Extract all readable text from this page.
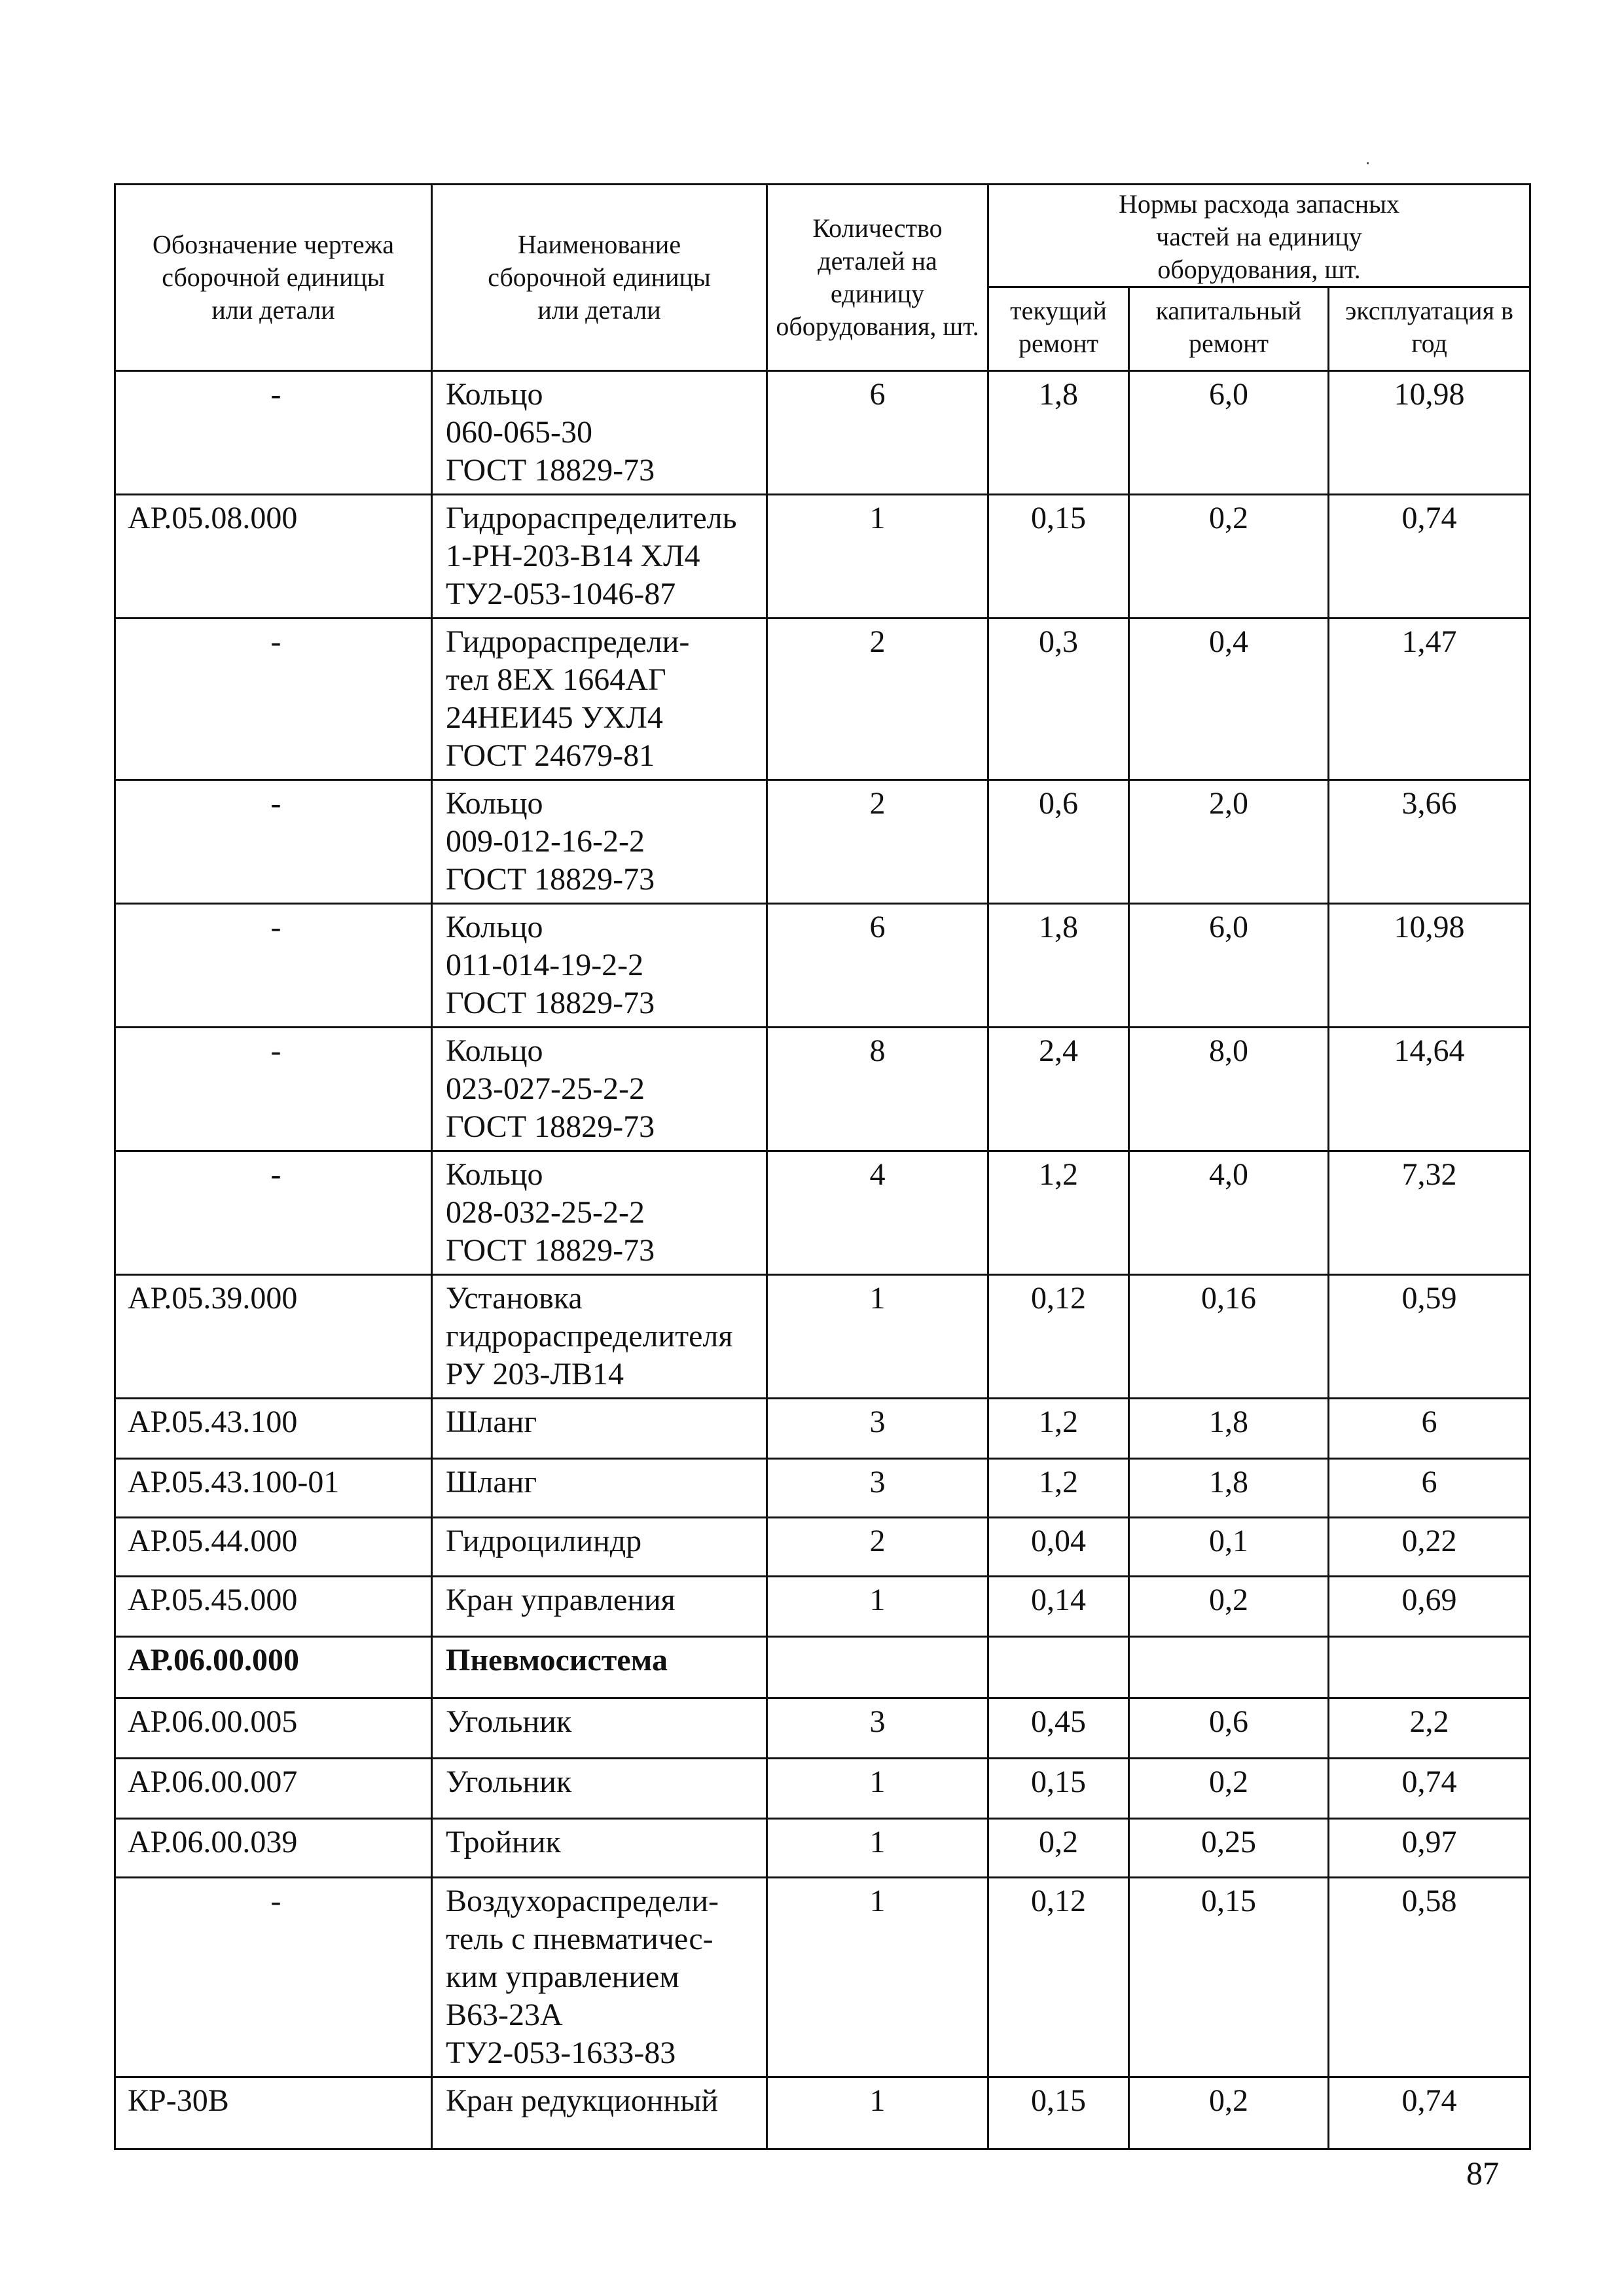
Обозначение чертежа сборочной единицы или детали	Наименование сборочной единицы или детали	Количество деталей на единицу оборудования, шт.	Нормы расхода запасных частей на единицу оборудования, шт.		
			текущий ремонт	капитальный ремонт	эксплуатация в год
-	Кольцо
060-065-30
ГОСТ 18829-73	6	1,8	6,0	10,98
АР.05.08.000	Гидрораспределитель
1-РН-203-В14 ХЛ4
ТУ2-053-1046-87	1	0,15	0,2	0,74
-	Гидрораспредели-
тел 8ЕХ 1664АГ
24НЕИ45 УХЛ4
ГОСТ 24679-81	2	0,3	0,4	1,47
-	Кольцо
009-012-16-2-2
ГОСТ 18829-73	2	0,6	2,0	3,66
-	Кольцо
011-014-19-2-2
ГОСТ 18829-73	6	1,8	6,0	10,98
-	Кольцо
023-027-25-2-2
ГОСТ 18829-73	8	2,4	8,0	14,64
-	Кольцо
028-032-25-2-2
ГОСТ 18829-73	4	1,2	4,0	7,32
АР.05.39.000	Установка
гидрораспределителя
РУ 203-ЛВ14	1	0,12	0,16	0,59
АР.05.43.100	Шланг	3	1,2	1,8	6
АР.05.43.100-01	Шланг	3	1,2	1,8	6
АР.05.44.000	Гидроцилиндр	2	0,04	0,1	0,22
АР.05.45.000	Кран управления	1	0,14	0,2	0,69
АР.06.00.000	Пневмосистема				
АР.06.00.005	Угольник	3	0,45	0,6	2,2
АР.06.00.007	Угольник	1	0,15	0,2	0,74
АР.06.00.039	Тройник	1	0,2	0,25	0,97
-	Воздухораспредели-
тель с пневматичес-
ким управлением
В63-23А
ТУ2-053-1633-83	1	0,12	0,15	0,58
КР-30В	Кран редукционный	1	0,15	0,2	0,74
87
